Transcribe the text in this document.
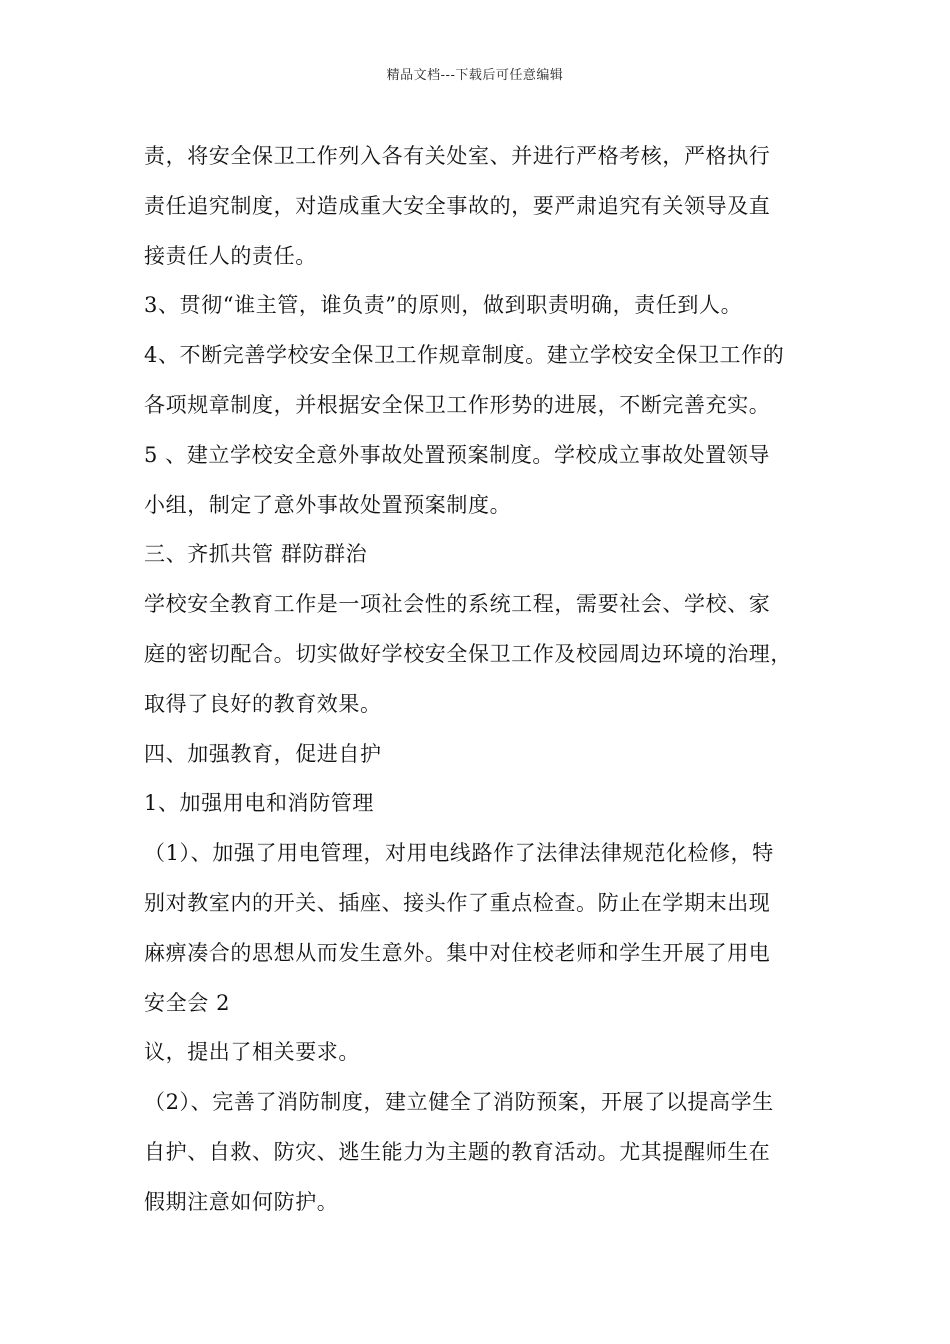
精品文档---下载后可任意编辑
责，将安全保卫工作列入各有关处室、并进行严格考核，严格执行
责任追究制度，对造成重大安全事故的，要严肃追究有关领导及直
接责任人的责任。
3、贯彻“谁主管，谁负责”的原则，做到职责明确，责任到人。
4、不断完善学校安全保卫工作规章制度。建立学校安全保卫工作的
各项规章制度，并根据安全保卫工作形势的进展，不断完善充实。
5 、建立学校安全意外事故处置预案制度。学校成立事故处置领导
小组，制定了意外事故处置预案制度。
三、齐抓共管 群防群治
学校安全教育工作是一项社会性的系统工程，需要社会、学校、家
庭的密切配合。切实做好学校安全保卫工作及校园周边环境的治理，
取得了良好的教育效果。
四、加强教育，促进自护
1、加强用电和消防管理
（1）、加强了用电管理，对用电线路作了法律法律规范化检修，特
别对教室内的开关、插座、接头作了重点检查。防止在学期末出现
麻痹凑合的思想从而发生意外。集中对住校老师和学生开展了用电
安全会 2
议，提出了相关要求。
（2）、完善了消防制度，建立健全了消防预案，开展了以提高学生
自护、自救、防灾、逃生能力为主题的教育活动。尤其提醒师生在
假期注意如何防护。
